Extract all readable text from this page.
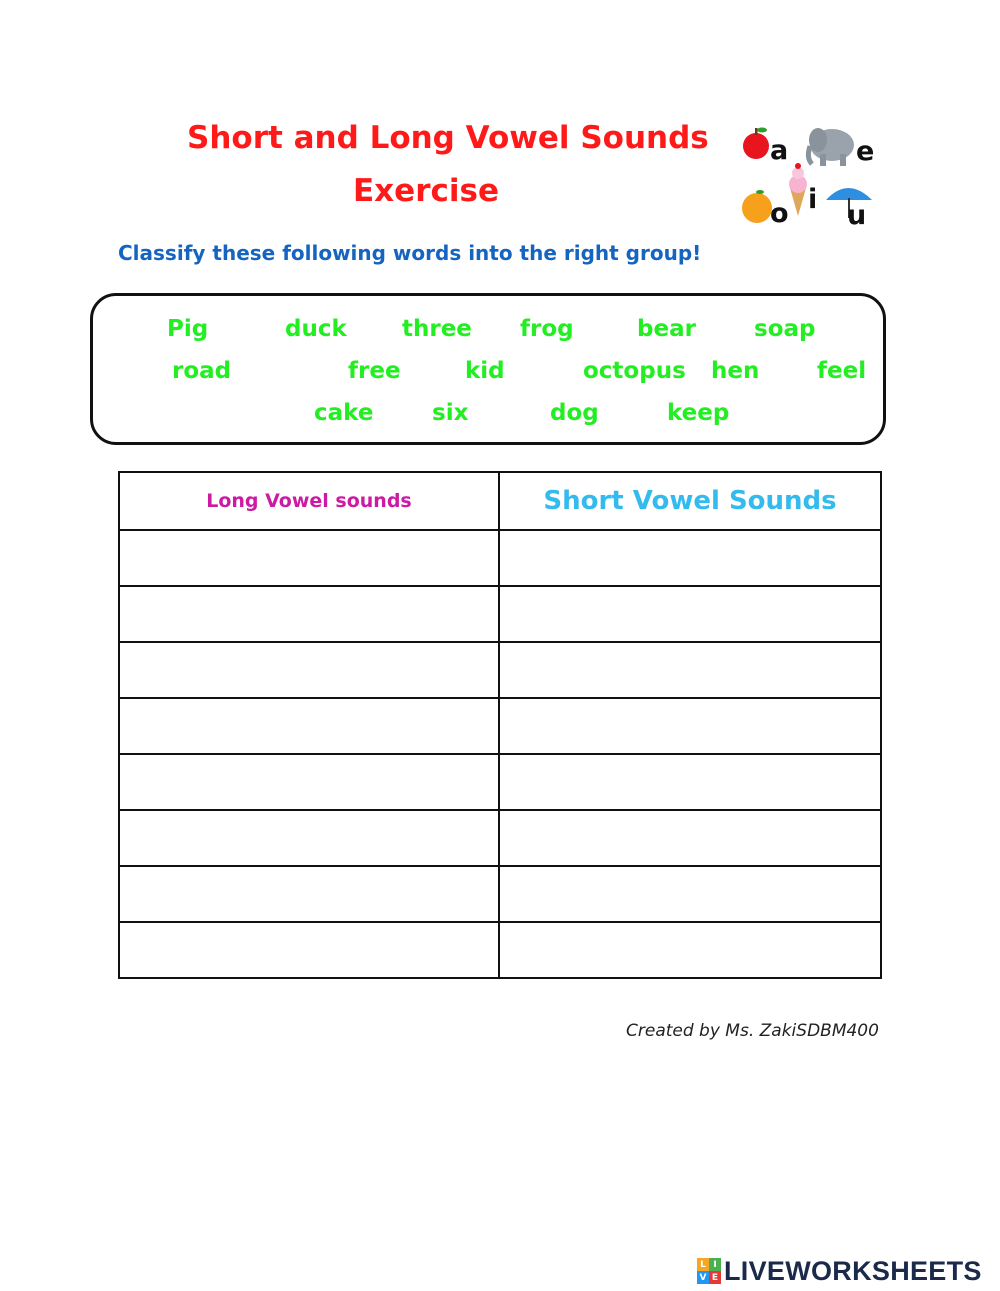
Short and Long Vowel Sounds
Exercise
a	e
o i
u
Classify these following words into the right group!
Pig	duck three frog	bear	soap
road	free	kid	octopus hen	feel
cake	six	dog	keep
Long Vowel sounds	Short Vowel Sounds

Created by Ms. ZakiSDBM400
L I
V E LIVEWORKSHEETS
